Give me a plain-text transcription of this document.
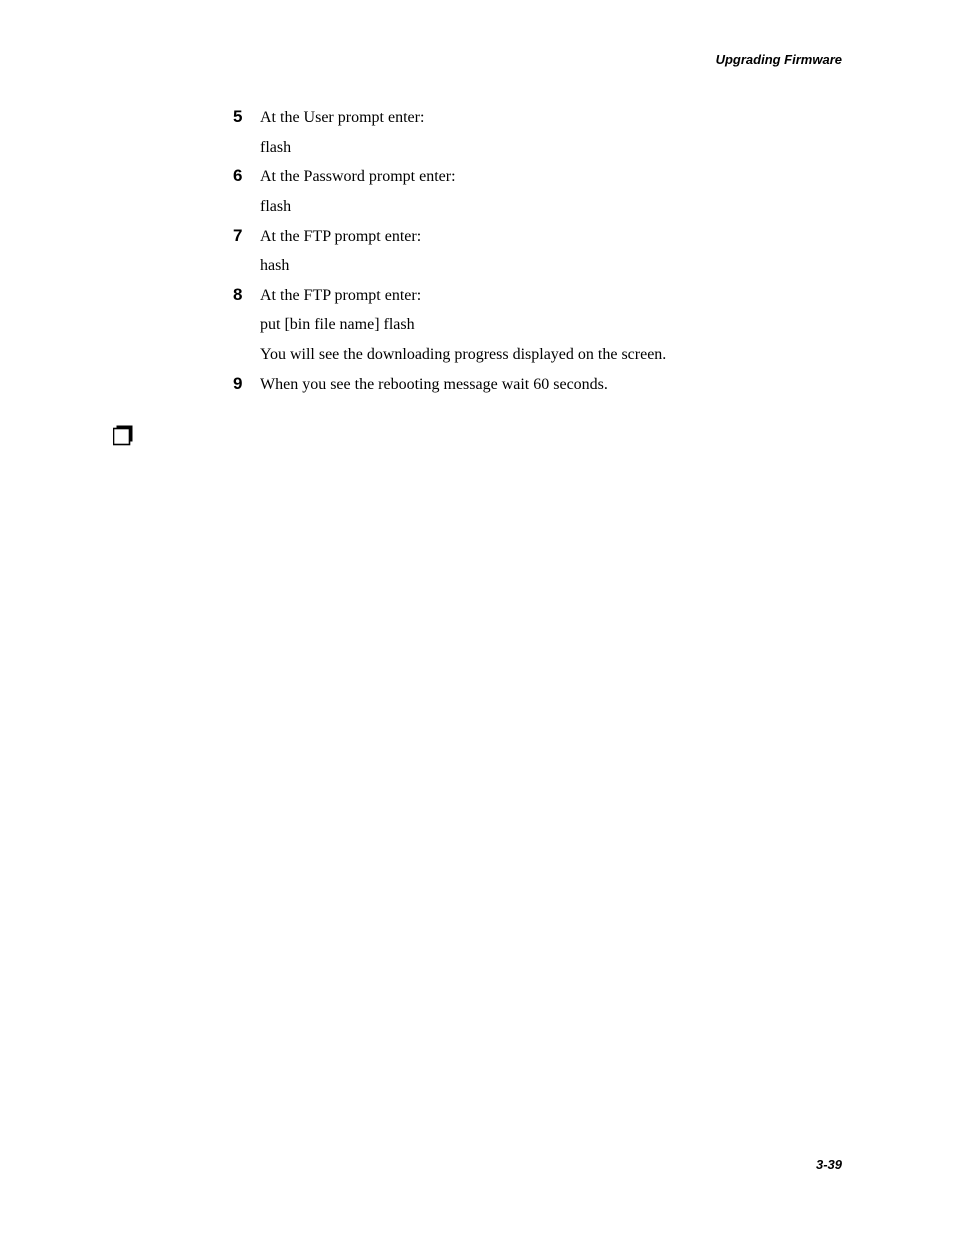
Upgrading Firmware
5 At the User prompt enter:
flash
6 At the Password prompt enter:
flash
7 At the FTP prompt enter:
hash
8 At the FTP prompt enter:
put [bin file name] flash
You will see the downloading progress displayed on the screen.
9 When you see the rebooting message wait 60 seconds.
3-39
